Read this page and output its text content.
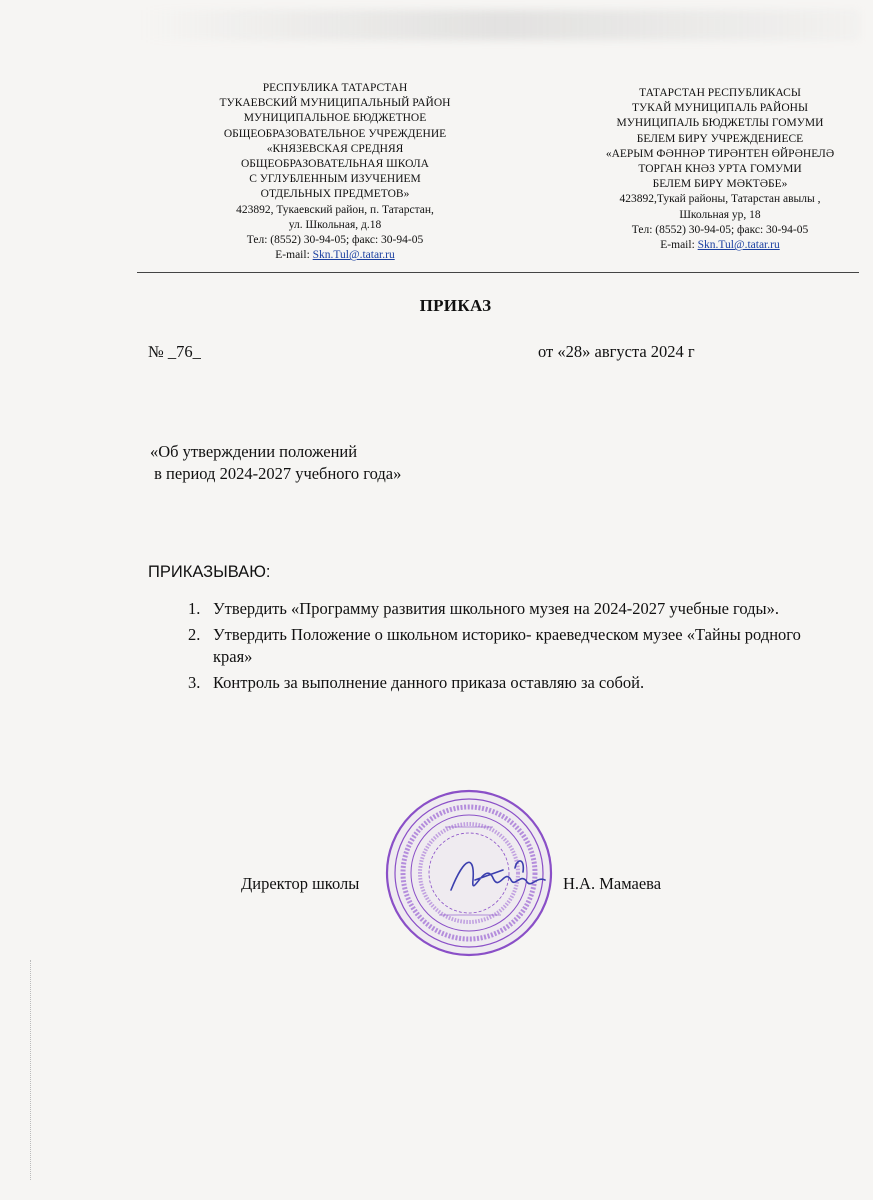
РЕСПУБЛИКА ТАТАРСТАН
ТУКАЕВСКИЙ МУНИЦИПАЛЬНЫЙ РАЙОН
МУНИЦИПАЛЬНОЕ БЮДЖЕТНОЕ
ОБЩЕОБРАЗОВАТЕЛЬНОЕ УЧРЕЖДЕНИЕ
«КНЯЗЕВСКАЯ СРЕДНЯЯ
ОБЩЕОБРАЗОВАТЕЛЬНАЯ ШКОЛА
С УГЛУБЛЕННЫМ ИЗУЧЕНИЕМ
ОТДЕЛЬНЫХ ПРЕДМЕТОВ»
423892, Тукаевский район, п. Татарстан,
ул. Школьная, д.18
Тел: (8552) 30-94-05; факс: 30-94-05
E-mail: Skn.Tul@.tatar.ru
ТАТАРСТАН РЕСПУБЛИКАСЫ
ТУКАЙ МУНИЦИПАЛЬ РАЙОНЫ
МУНИЦИПАЛЬ БЮДЖЕТЛЫ ГОМУМИ
БЕЛЕМ БИРҮ УЧРЕЖДЕНИЕСЕ
«АЕРЫМ ФӘННӘР ТИРӘНТЕН ӨЙРӘНЕЛӘ
ТОРГАН КНӘЗ УРТА ГОМУМИ
БЕЛЕМ БИРҮ МӘКТӘБЕ»
423892,Тукай районы, Татарстан авылы ,
Школьная ур, 18
Тел: (8552) 30-94-05; факс: 30-94-05
E-mail: Skn.Tul@.tatar.ru
ПРИКАЗ
№ _76_	от «28» августа 2024 г
«Об утверждении положений
в период 2024-2027 учебного года»
ПРИКАЗЫВАЮ:
1. Утвердить «Программу развития школьного музея на 2024-2027 учебные годы».
2. Утвердить Положение о школьном историко- краеведческом музее «Тайны родного края»
3. Контроль за выполнение данного приказа оставляю за собой.
Директор школы	Н.А. Мамаева
